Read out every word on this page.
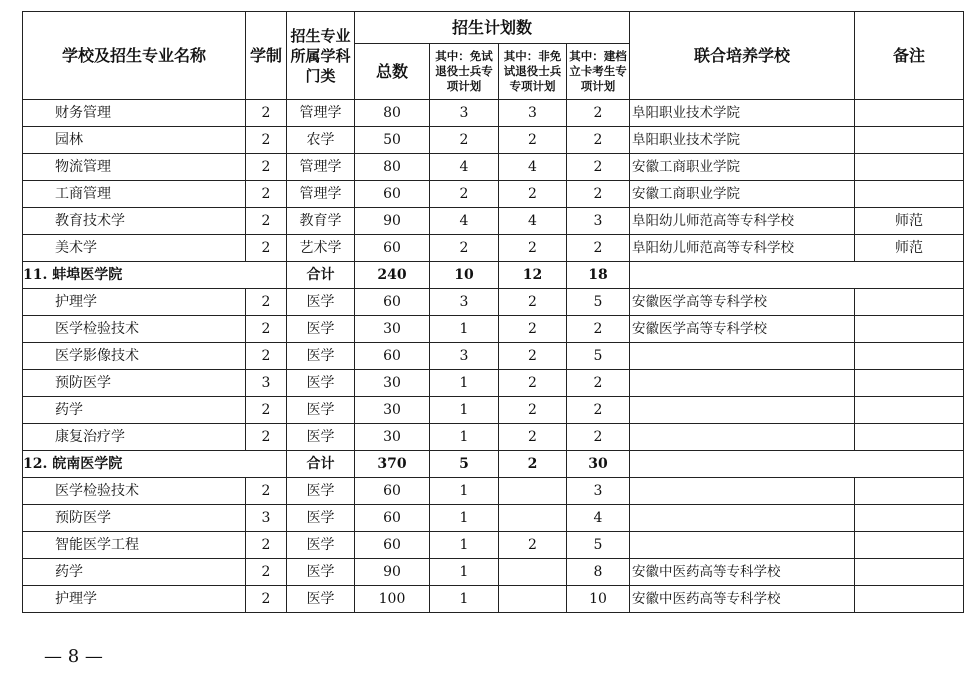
学校及招生专业名称	学制	招生专业所属学科门类	招生计划数				联合培养学校	备注
			总数	其中：免试退役士兵专项计划	其中：非免试退役士兵专项计划	其中：建档立卡考生专项计划		
财务管理	2	管理学	80	3	3	2	阜阳职业技术学院	
园林	2	农学	50	2	2	2	阜阳职业技术学院	
物流管理	2	管理学	80	4	4	2	安徽工商职业学院	
工商管理	2	管理学	60	2	2	2	安徽工商职业学院	
教育技术学	2	教育学	90	4	4	3	阜阳幼儿师范高等专科学校	师范
美术学	2	艺术学	60	2	2	2	阜阳幼儿师范高等专科学校	师范
11. 蚌埠医学院		合计	240	10	12	18		
护理学	2	医学	60	3	2	5	安徽医学高等专科学校	
医学检验技术	2	医学	30	1	2	2	安徽医学高等专科学校	
医学影像技术	2	医学	60	3	2	5		
预防医学	3	医学	30	1	2	2		
药学	2	医学	30	1	2	2		
康复治疗学	2	医学	30	1	2	2		
12. 皖南医学院		合计	370	5	2	30		
医学检验技术	2	医学	60	1		3		
预防医学	3	医学	60	1		4		
智能医学工程	2	医学	60	1	2	5		
药学	2	医学	90	1		8	安徽中医药高等专科学校	
护理学	2	医学	100	1		10	安徽中医药高等专科学校	
— 8 —
